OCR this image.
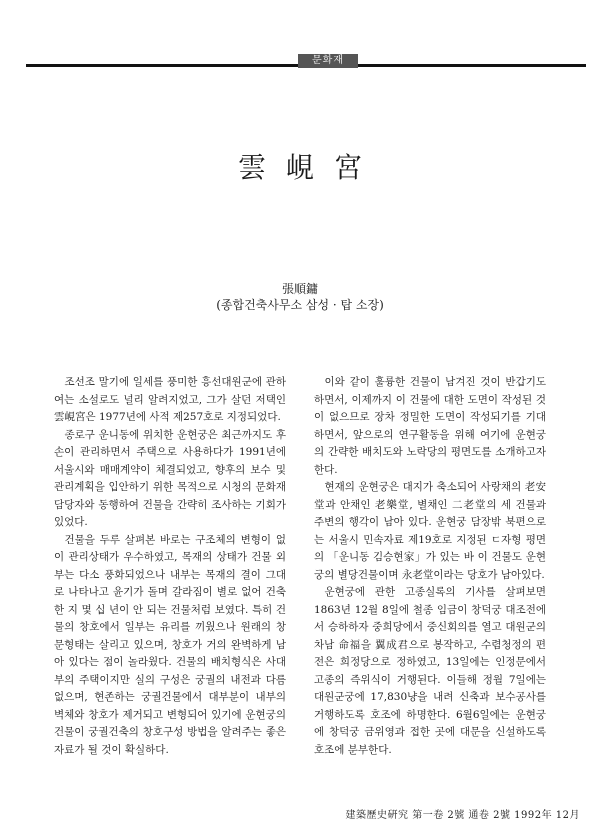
문화재
雲峴宮
張順鏞
(종합건축사무소 삼성 · 탑 소장)

조선조 말기에 일세를 풍미한 흥선대원군에 관하여는 소설로도 널리 알려지었고, 그가 살던 저택인 雲峴宮은 1977년에 사적 제257호로 지정되었다.

종로구 운니동에 위치한 운현궁은 최근까지도 후손이 관리하면서 주택으로 사용하다가 1991년에 서울시와 매매계약이 체결되었고, 향후의 보수 및 관리계획을 입안하기 위한 목적으로 시청의 문화재 담당자와 동행하여 건물을 간략히 조사하는 기회가 있었다.

건물을 두루 살펴본 바로는 구조체의 변형이 없이 관리상태가 우수하였고, 목재의 상태가 건물 외부는 다소 풍화되었으나 내부는 목재의 결이 그대로 나타나고 윤기가 돌며 갈라짐이 별로 없어 건축한 지 몇 십 년이 안 되는 건물처럼 보였다. 특히 건물의 창호에서 일부는 유리를 끼웠으나 원래의 창문형태는 살리고 있으며, 창호가 거의 완벽하게 남아 있다는 점이 놀라웠다. 건물의 배치형식은 사대부의 주택이지만 실의 구성은 궁궐의 내전과 다름없으며, 현존하는 궁궐건물에서 대부분이 내부의 벽체와 창호가 제거되고 변형되어 있기에 운현궁의 건물이 궁궐건축의 창호구성 방법을 알려주는 좋은 자료가 될 것이 확실하다.

이와 같이 훌륭한 건물이 남겨진 것이 반갑기도 하면서, 이제까지 이 건물에 대한 도면이 작성된 것이 없으므로 장차 정밀한 도면이 작성되기를 기대하면서, 앞으로의 연구활동을 위해 여기에 운현궁의 간략한 배치도와 노락당의 평면도를 소개하고자 한다.

현재의 운현궁은 대지가 축소되어 사랑채의 老安堂과 안채인 老樂堂, 별채인 二老堂의 세 건물과 주변의 행각이 남아 있다. 운현궁 담장밖 북편으로는 서울시 민속자료 제19호로 지정된 ㄷ자형 평면의 「운니동 김승현家」가 있는 바 이 건물도 운현궁의 별당건물이며 永老堂이라는 당호가 남아있다.

운현궁에 관한 고종실록의 기사를 살펴보면 1863년 12월 8일에 철종 임금이 창덕궁 대조전에서 승하하자 중희당에서 중신회의를 열고 대원군의 차남 命福을 翼成君으로 봉작하고, 수렴청정의 편전은 희정당으로 정하였고, 13일에는 인정문에서 고종의 즉위식이 거행된다. 이들해 정월 7일에는 대원군궁에 17,830냥을 내려 신축과 보수공사를 거행하도록 호조에 하명한다. 6월6일에는 운현궁에 창덕궁 금위영과 접한 곳에 대문을 신설하도록 호조에 분부한다.

建築歷史硏究 第一卷 2號 通卷 2號 1992年 12月
